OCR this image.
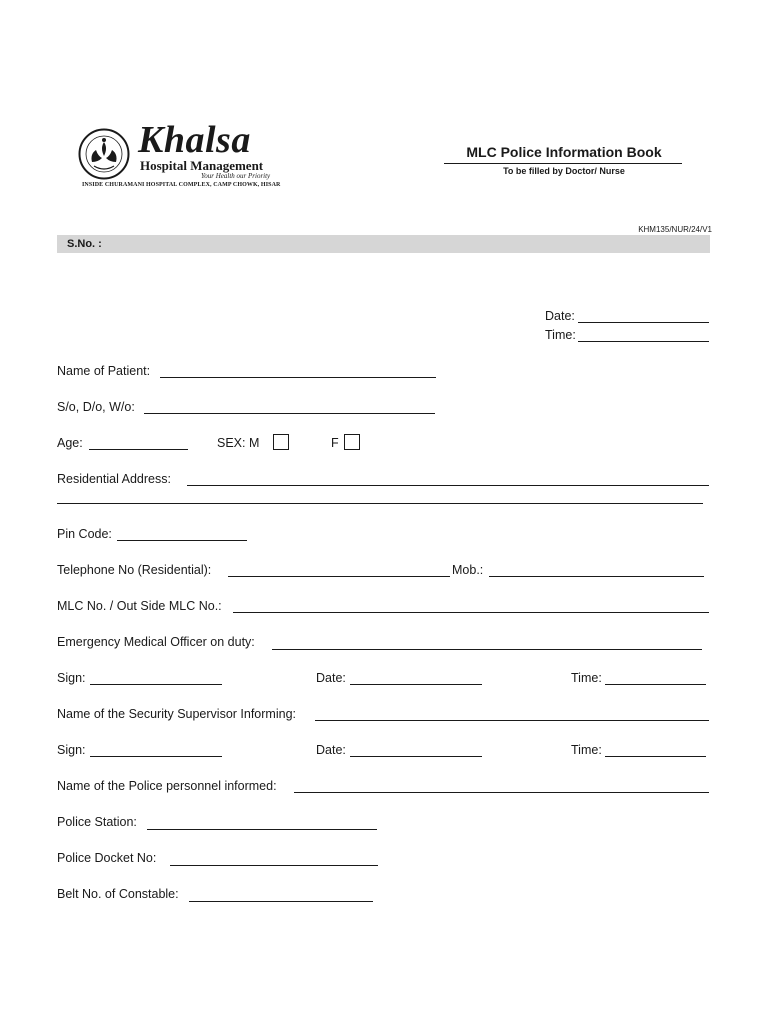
Khalsa
Hospital Management
Your Health our Priority
INSIDE CHURAMANI HOSPITAL COMPLEX, CAMP CHOWK, HISAR
MLC Police Information Book
To be filled by Doctor/ Nurse
KHM135/NUR/24/V1
S.No. :
Date:
Time:
Name of Patient:
S/o, D/o, W/o:
Age:	SEX: M	F
Residential Address:
Pin Code:
Telephone No (Residential):	Mob.:
MLC No. / Out Side MLC No.:
Emergency Medical Officer on duty:
Sign:	Date:	Time:
Name of the Security Supervisor Informing:
Sign:	Date:	Time:
Name of the Police personnel informed:
Police Station:
Police Docket No:
Belt No. of Constable:
